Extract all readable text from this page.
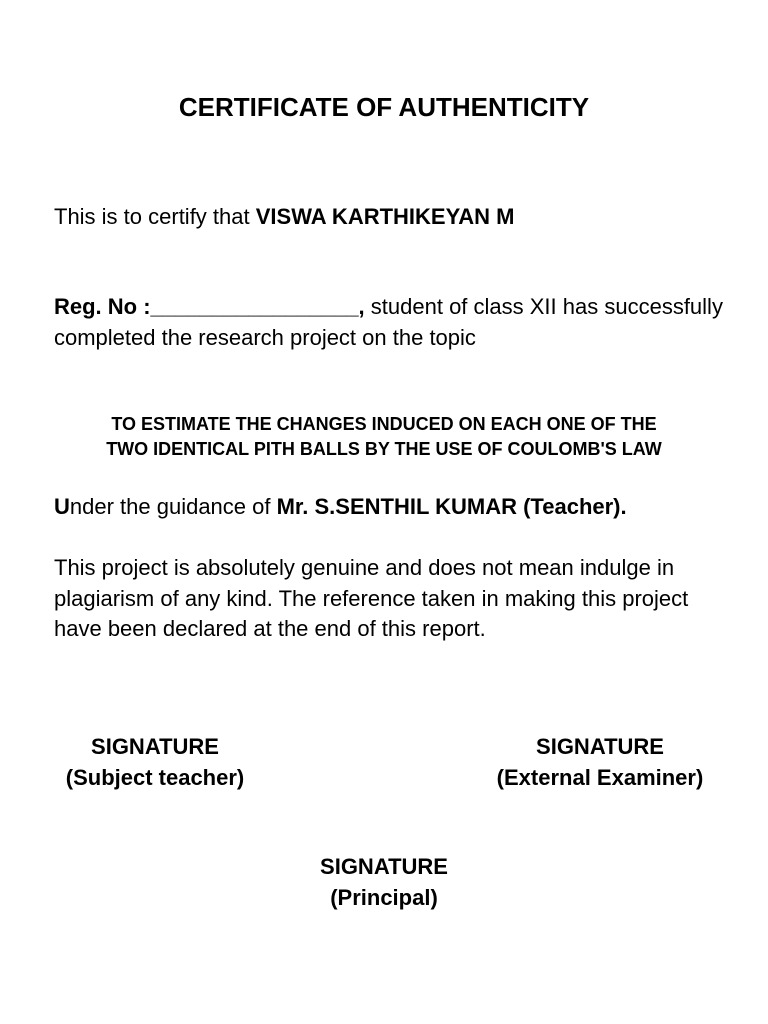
CERTIFICATE OF AUTHENTICITY
This is to certify that VISWA KARTHIKEYAN M
Reg. No :_________________, student of class XII has successfully completed the research project on the topic
TO ESTIMATE THE CHANGES INDUCED ON EACH ONE OF THE
TWO IDENTICAL PITH BALLS BY THE USE OF COULOMB'S LAW
Under the guidance of Mr. S.SENTHIL KUMAR (Teacher).
This project is absolutely genuine and does not mean indulge in plagiarism of any kind. The reference taken in making this project have been declared at the end of this report.
SIGNATURE
(Subject teacher)
SIGNATURE
(External Examiner)
SIGNATURE
(Principal)
